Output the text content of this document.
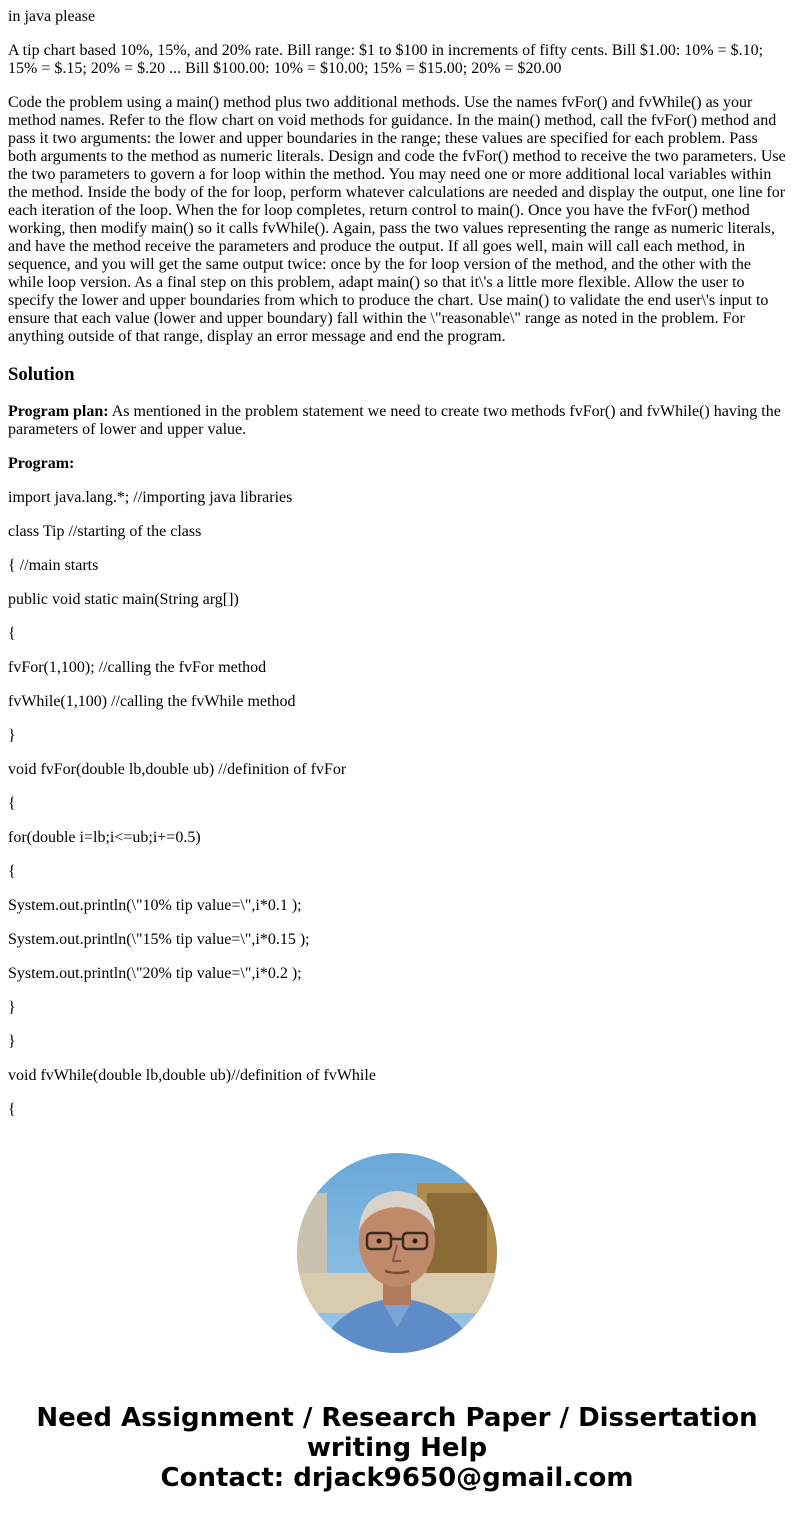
in java please

A tip chart based 10%, 15%, and 20% rate. Bill range: $1 to $100 in increments of fifty cents. Bill $1.00: 10% = $.10; 15% = $.15; 20% = $.20 ... Bill $100.00: 10% = $10.00; 15% = $15.00; 20% = $20.00

Code the problem using a main() method plus two additional methods. Use the names fvFor() and fvWhile() as your method names. Refer to the flow chart on void methods for guidance. In the main() method, call the fvFor() method and pass it two arguments: the lower and upper boundaries in the range; these values are specified for each problem. Pass both arguments to the method as numeric literals. Design and code the fvFor() method to receive the two parameters. Use the two parameters to govern a for loop within the method. You may need one or more additional local variables within the method. Inside the body of the for loop, perform whatever calculations are needed and display the output, one line for each iteration of the loop. When the for loop completes, return control to main(). Once you have the fvFor() method working, then modify main() so it calls fvWhile(). Again, pass the two values representing the range as numeric literals, and have the method receive the parameters and produce the output. If all goes well, main will call each method, in sequence, and you will get the same output twice: once by the for loop version of the method, and the other with the while loop version. As a final step on this problem, adapt main() so that it\'s a little more flexible. Allow the user to specify the lower and upper boundaries from which to produce the chart. Use main() to validate the end user\'s input to ensure that each value (lower and upper boundary) fall within the \"reasonable\" range as noted in the problem. For anything outside of that range, display an error message and end the program.

Solution

Program plan: As mentioned in the problem statement we need to create two methods fvFor() and fvWhile() having the parameters of lower and upper value.

Program:

import java.lang.*; //importing java libraries

class Tip //starting of the class

{ //main starts

public void static main(String arg[])

{

fvFor(1,100); //calling the fvFor method

fvWhile(1,100) //calling the fvWhile method

}

void fvFor(double lb,double ub) //definition of fvFor

{

for(double i=lb;i<=ub;i+=0.5)

{

System.out.println(\"10% tip value=\",i*0.1 );

System.out.println(\"15% tip value=\",i*0.15 );

System.out.println(\"20% tip value=\",i*0.2 );

}

}

void fvWhile(double lb,double ub)//definition of fvWhile

{

Need Assignment / Research Paper / Dissertation
writing Help
Contact: drjack9650@gmail.com
